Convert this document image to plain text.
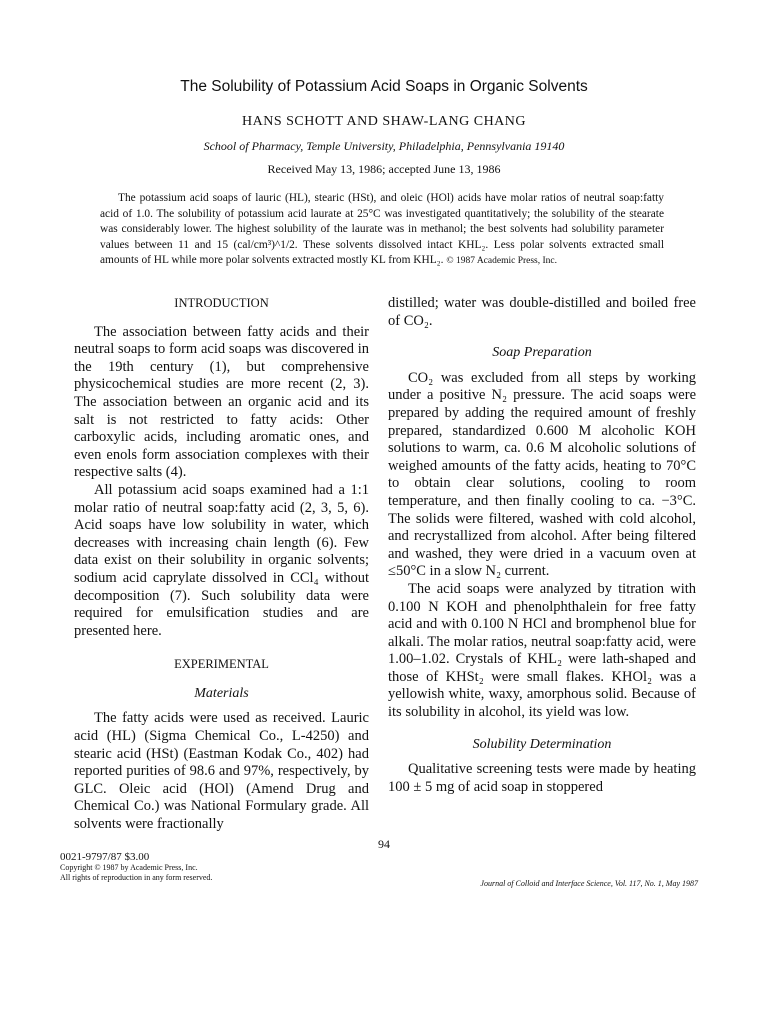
The Solubility of Potassium Acid Soaps in Organic Solvents
HANS SCHOTT AND SHAW-LANG CHANG
School of Pharmacy, Temple University, Philadelphia, Pennsylvania 19140
Received May 13, 1986; accepted June 13, 1986
The potassium acid soaps of lauric (HL), stearic (HSt), and oleic (HOl) acids have molar ratios of neutral soap:fatty acid of 1.0. The solubility of potassium acid laurate at 25°C was investigated quantitatively; the solubility of the stearate was considerably lower. The highest solubility of the laurate was in methanol; the best solvents had solubility parameter values between 11 and 15 (cal/cm³)^1/2. These solvents dissolved intact KHL₂. Less polar solvents extracted small amounts of HL while more polar solvents extracted mostly KL from KHL₂. © 1987 Academic Press, Inc.
INTRODUCTION

The association between fatty acids and their neutral soaps to form acid soaps was discovered in the 19th century (1), but comprehensive physicochemical studies are more recent (2, 3). The association between an organic acid and its salt is not restricted to fatty acids: Other carboxylic acids, including aromatic ones, and even enols form association complexes with their respective salts (4).

All potassium acid soaps examined had a 1:1 molar ratio of neutral soap:fatty acid (2, 3, 5, 6). Acid soaps have low solubility in water, which decreases with increasing chain length (6). Few data exist on their solubility in organic solvents; sodium acid caprylate dissolved in CCl₄ without decomposition (7). Such solubility data were required for emulsification studies and are presented here.

EXPERIMENTAL
Materials

The fatty acids were used as received. Lauric acid (HL) (Sigma Chemical Co., L-4250) and stearic acid (HSt) (Eastman Kodak Co., 402) had reported purities of 98.6 and 97%, respectively, by GLC. Oleic acid (HOl) (Amend Drug and Chemical Co.) was National Formulary grade. All solvents were fractionally

distilled; water was double-distilled and boiled free of CO₂.

Soap Preparation

CO₂ was excluded from all steps by working under a positive N₂ pressure. The acid soaps were prepared by adding the required amount of freshly prepared, standardized 0.600 M alcoholic KOH solutions to warm, ca. 0.6 M alcoholic solutions of weighed amounts of the fatty acids, heating to 70°C to obtain clear solutions, cooling to room temperature, and then finally cooling to ca. −3°C. The solids were filtered, washed with cold alcohol, and recrystallized from alcohol. After being filtered and washed, they were dried in a vacuum oven at ≤50°C in a slow N₂ current.

The acid soaps were analyzed by titration with 0.100 N KOH and phenolphthalein for free fatty acid and with 0.100 N HCl and bromphenol blue for alkali. The molar ratios, neutral soap:fatty acid, were 1.00–1.02. Crystals of KHL₂ were lath-shaped and those of KHSt₂ were small flakes. KHOl₂ was a yellowish white, waxy, amorphous solid. Because of its solubility in alcohol, its yield was low.

Solubility Determination

Qualitative screening tests were made by heating 100 ± 5 mg of acid soap in stoppered

94
0021-9797/87 $3.00
Copyright © 1987 by Academic Press, Inc.
All rights of reproduction in any form reserved.
Journal of Colloid and Interface Science, Vol. 117, No. 1, May 1987
